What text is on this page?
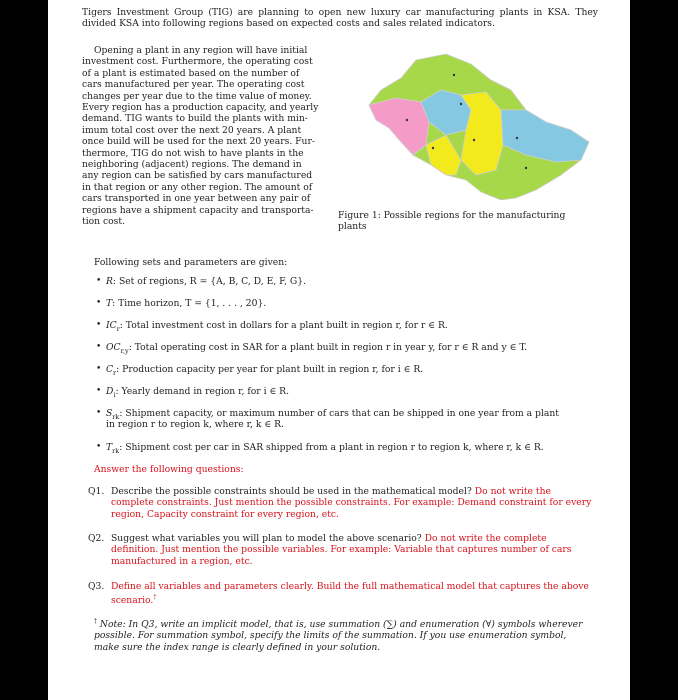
Tigers Investment Group (TIG) are planning to open new luxury car manufacturing plants in KSA. They divided KSA into following regions based on expected costs and sales related indicators.

Opening a plant in any region will have initial

investment cost. Furthermore, the operating cost

of a plant is estimated based on the number of

cars manufactured per year. The operating cost

changes per year due to the time value of money.

Every region has a production capacity, and yearly

demand. TIG wants to build the plants with min-

imum total cost over the next 20 years. A plant

once build will be used for the next 20 years. Fur-

thermore, TIG do not wish to have plants in the

neighboring (adjacent) regions. The demand in

any region can be satisfied by cars manufactured

in that region or any other region. The amount of

cars transported in one year between any pair of

regions have a shipment capacity and transporta-

tion cost.

Figure 1: Possible regions for the manufacturing
plants
Following sets and parameters are given:
• R: Set of regions, R = {A, B, C, D, E, F, G}.
• T: Time horizon, T = {1, . . . , 20}.
• $IC_r$: Total investment cost in dollars for a plant built in region r, for r ∈ R.
• $OC_{r,y}$: Total operating cost in SAR for a plant built in region r in year y, for r ∈ R and y ∈ T.
• $C_r$: Production capacity per year for plant built in region r, for i ∈ R.
• $D_i$: Yearly demand in region r, for i ∈ R.
• $S_{rk}$: Shipment capacity, or maximum number of cars that can be shipped in one year from a plant
in region r to region k, where r, k ∈ R.
• $T_{rk}$: Shipment cost per car in SAR shipped from a plant in region r to region k, where r, k ∈ R.
Answer the following questions:
Q1. Describe the possible constraints should be used in the mathematical model? Do not write the complete constraints. Just mention the possible constraints. For example: Demand constraint for every region, Capacity constraint for every region, etc.
Q2. Suggest what variables you will plan to model the above scenario? Do not write the complete definition. Just mention the possible variables. For example: Variable that captures number of cars manufactured in a region, etc.
Q3. Define all variables and parameters clearly. Build the full mathematical model that captures the above scenario.†
† Note: In Q3, write an implicit model, that is, use summation (∑) and enumeration (∀) symbols wherever possible. For summation symbol, specify the limits of the summation. If you use enumeration symbol, make sure the index range is clearly defined in your solution.
